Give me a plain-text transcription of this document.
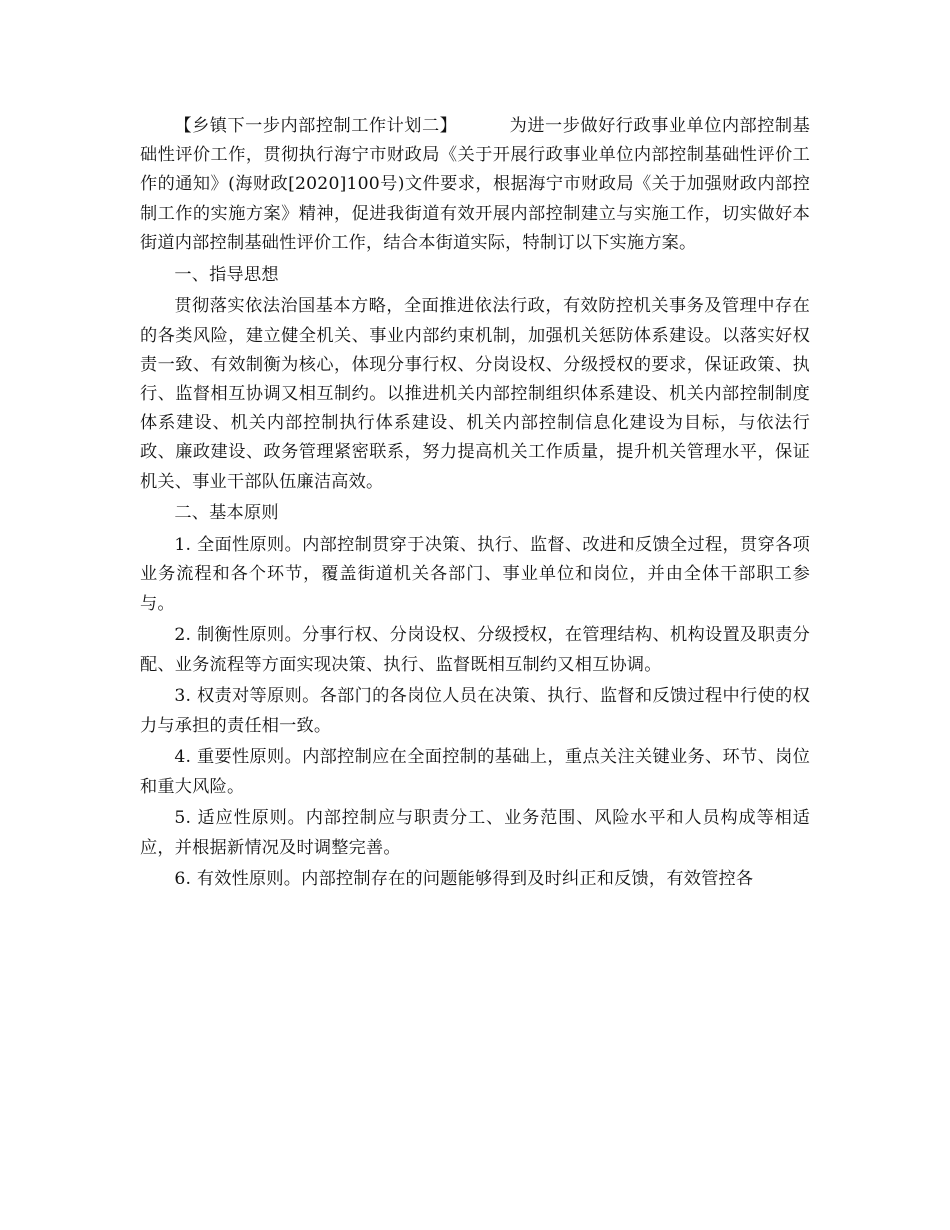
【乡镇下一步内部控制工作计划二】	为进一步做好行政事业单位内部控制基础性评价工作，贯彻执行海宁市财政局《关于开展行政事业单位内部控制基础性评价工作的通知》(海财政[2020]100号)文件要求，根据海宁市财政局《关于加强财政内部控制工作的实施方案》精神，促进我街道有效开展内部控制建立与实施工作，切实做好本街道内部控制基础性评价工作，结合本街道实际，特制订以下实施方案。

一、指导思想

贯彻落实依法治国基本方略，全面推进依法行政，有效防控机关事务及管理中存在的各类风险，建立健全机关、事业内部约束机制，加强机关惩防体系建设。以落实好权责一致、有效制衡为核心，体现分事行权、分岗设权、分级授权的要求，保证政策、执行、监督相互协调又相互制约。以推进机关内部控制组织体系建设、机关内部控制制度体系建设、机关内部控制执行体系建设、机关内部控制信息化建设为目标，与依法行政、廉政建设、政务管理紧密联系，努力提高机关工作质量，提升机关管理水平，保证机关、事业干部队伍廉洁高效。

二、基本原则

1. 全面性原则。内部控制贯穿于决策、执行、监督、改进和反馈全过程，贯穿各项业务流程和各个环节，覆盖街道机关各部门、事业单位和岗位，并由全体干部职工参与。

2. 制衡性原则。分事行权、分岗设权、分级授权，在管理结构、机构设置及职责分配、业务流程等方面实现决策、执行、监督既相互制约又相互协调。

3. 权责对等原则。各部门的各岗位人员在决策、执行、监督和反馈过程中行使的权力与承担的责任相一致。

4. 重要性原则。内部控制应在全面控制的基础上，重点关注关键业务、环节、岗位和重大风险。

5. 适应性原则。内部控制应与职责分工、业务范围、风险水平和人员构成等相适应，并根据新情况及时调整完善。

6. 有效性原则。内部控制存在的问题能够得到及时纠正和反馈，有效管控各
